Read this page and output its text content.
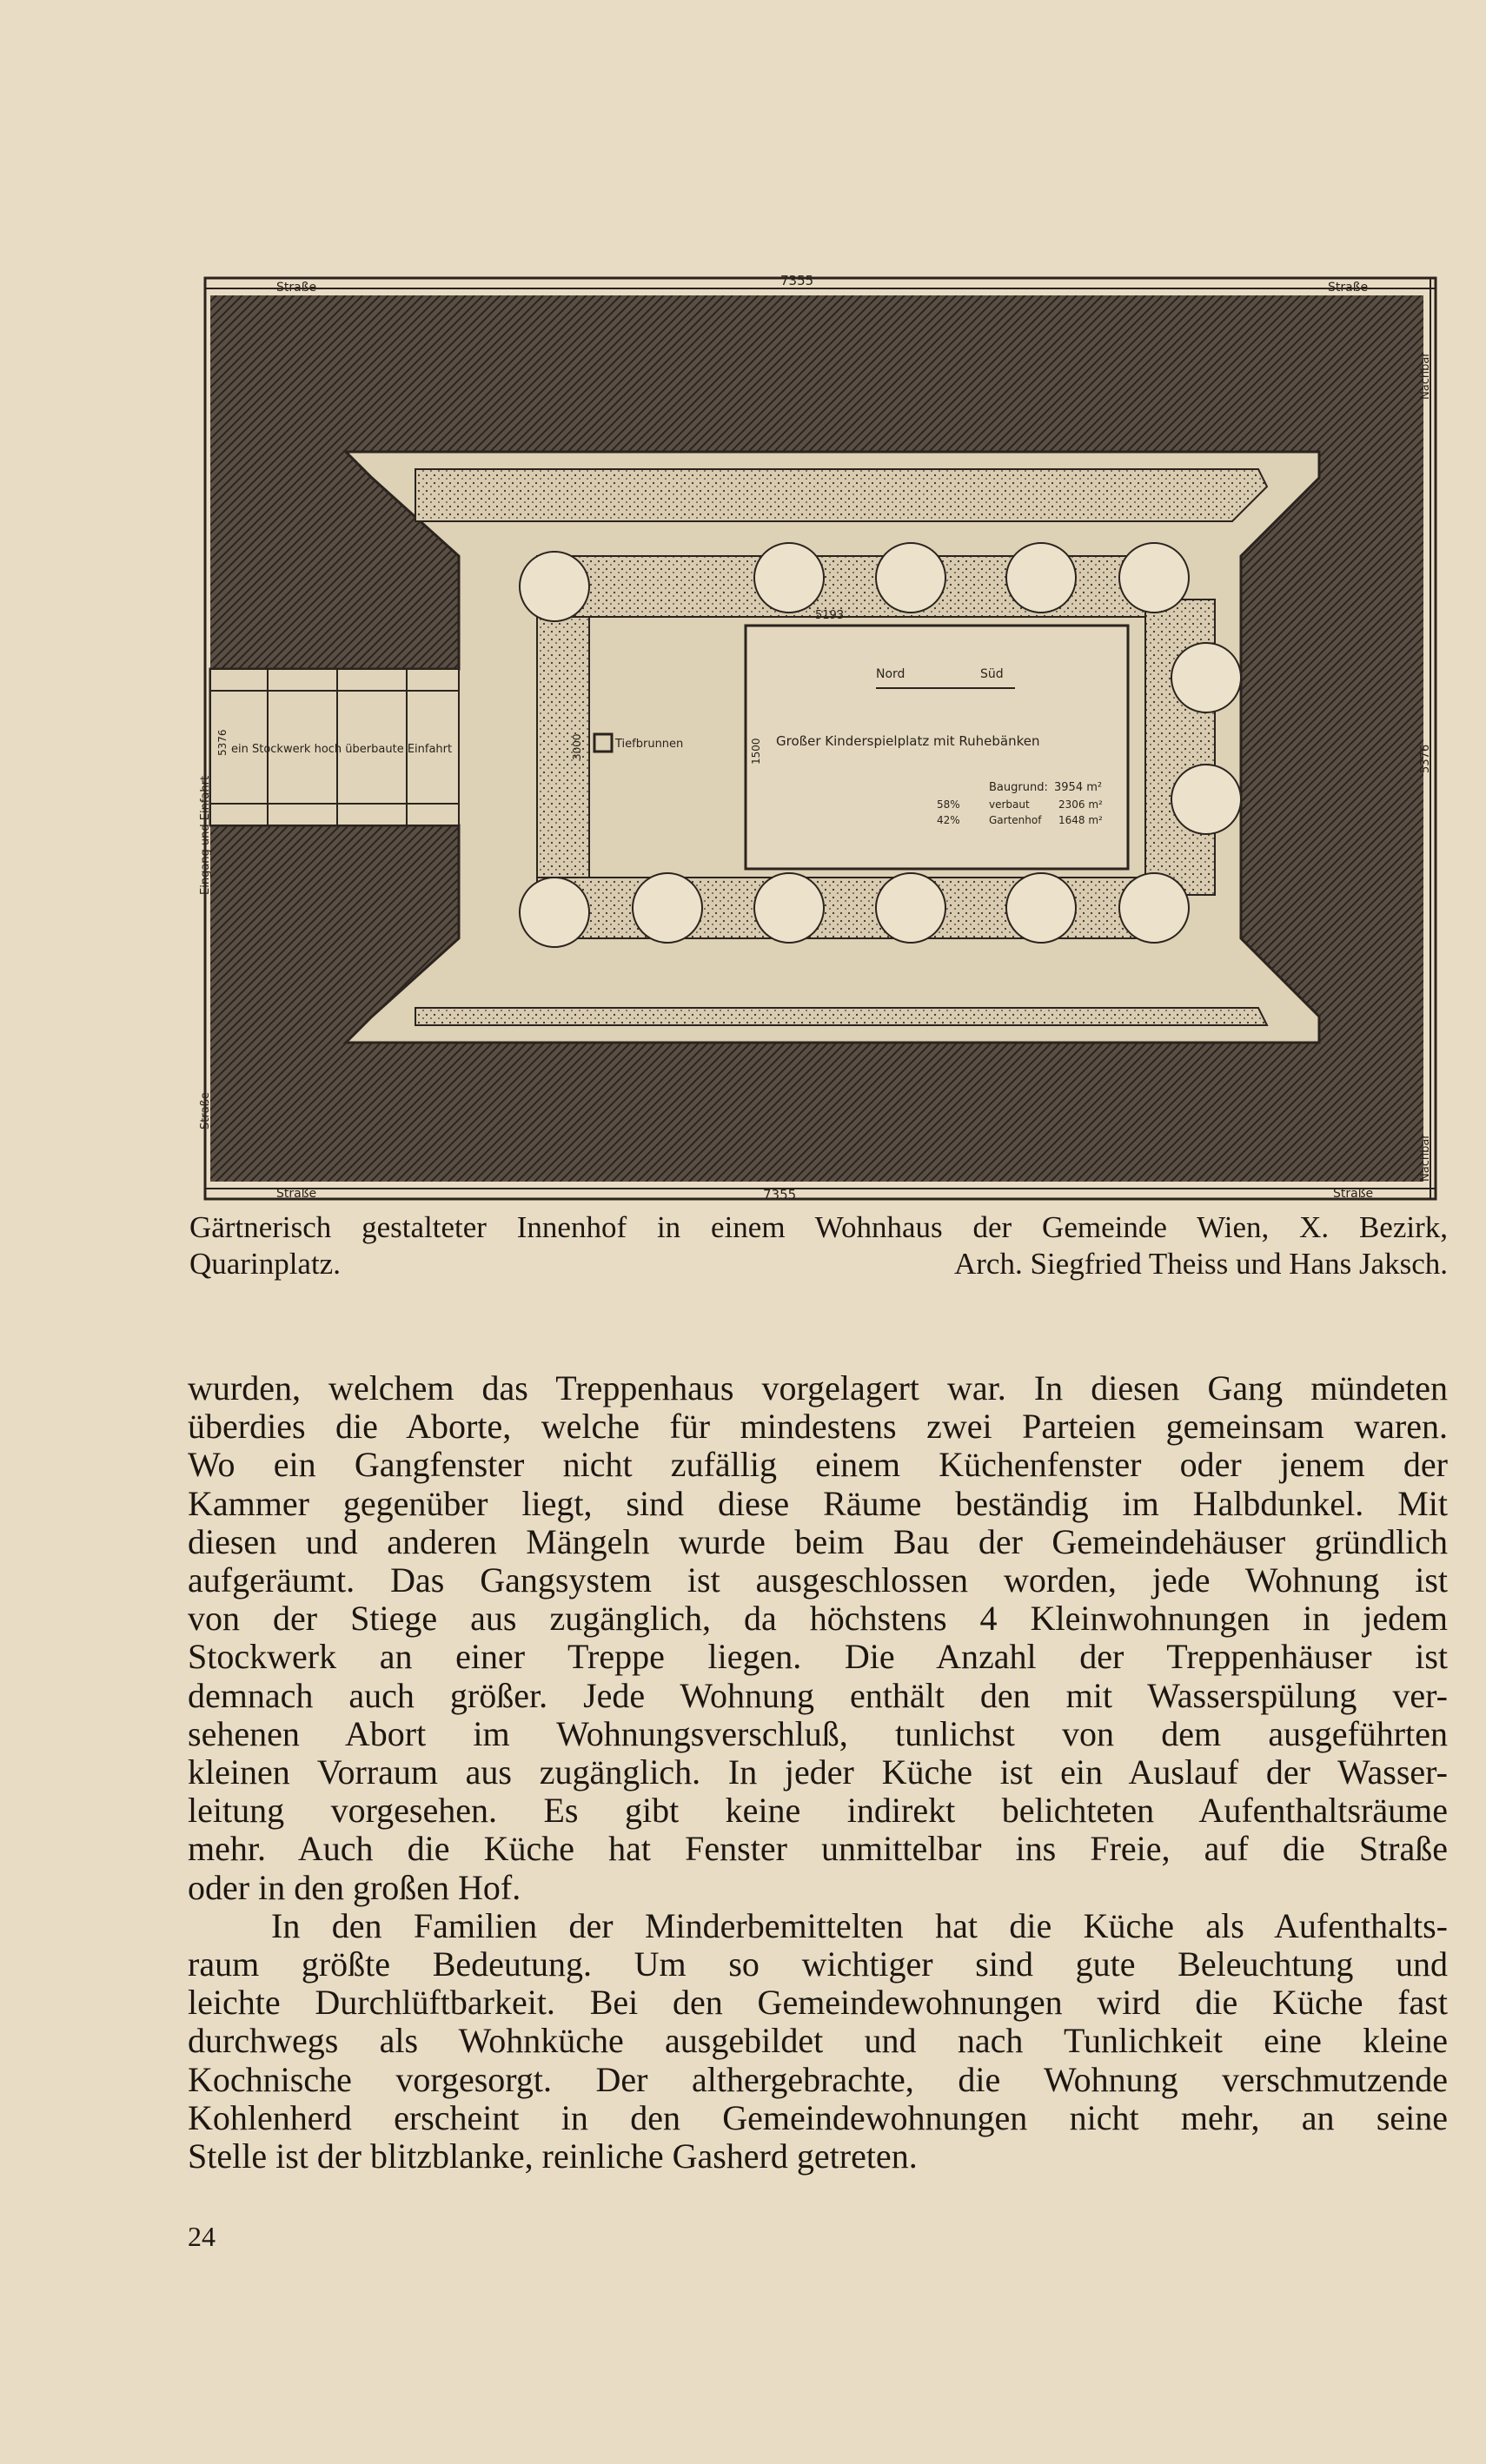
7355
7355
Straße	Straße
Straße	Straße
Eingang und Einfahrt
Straße
Nachbar
Nachbar
5376
ein Stockwerk hoch überbaute Einfahrt
5376	Tiefbrunnen
3000
5193
1500
Nord	Süd
Großer Kinderspielplatz mit Ruhebänken
Baugrund: 3954 m²
58%	verbaut	2306 m²
42%	Gartenhof 1648 m²
Gärtnerisch gestalteter Innenhof in einem Wohnhaus der Gemeinde Wien, X. Bezirk,
Quarinplatz.	Arch. Siegfried Theiss und Hans Jaksch.
wurden, welchem das Treppenhaus vorgelagert war. In diesen Gang mündeten
überdies die Aborte, welche für mindestens zwei Parteien gemeinsam waren.
Wo ein Gangfenster nicht zufällig einem Küchenfenster oder jenem der
Kammer gegenüber liegt, sind diese Räume beständig im Halbdunkel. Mit
diesen und anderen Mängeln wurde beim Bau der Gemeindehäuser gründlich
aufgeräumt. Das Gangsystem ist ausgeschlossen worden, jede Wohnung ist
von der Stiege aus zugänglich, da höchstens 4 Kleinwohnungen in jedem
Stockwerk an einer Treppe liegen. Die Anzahl der Treppenhäuser ist
demnach auch größer. Jede Wohnung enthält den mit Wasserspülung ver-
sehenen Abort im Wohnungsverschluß, tunlichst von dem ausgeführten
kleinen Vorraum aus zugänglich. In jeder Küche ist ein Auslauf der Wasser-
leitung vorgesehen. Es gibt keine indirekt belichteten Aufenthaltsräume
mehr. Auch die Küche hat Fenster unmittelbar ins Freie, auf die Straße
oder in den großen Hof.
In den Familien der Minderbemittelten hat die Küche als Aufenthalts-
raum größte Bedeutung. Um so wichtiger sind gute Beleuchtung und
leichte Durchlüftbarkeit. Bei den Gemeindewohnungen wird die Küche fast
durchwegs als Wohnküche ausgebildet und nach Tunlichkeit eine kleine
Kochnische vorgesorgt. Der althergebrachte, die Wohnung verschmutzende
Kohlenherd erscheint in den Gemeindewohnungen nicht mehr, an seine
Stelle ist der blitzblanke, reinliche Gasherd getreten.
24
